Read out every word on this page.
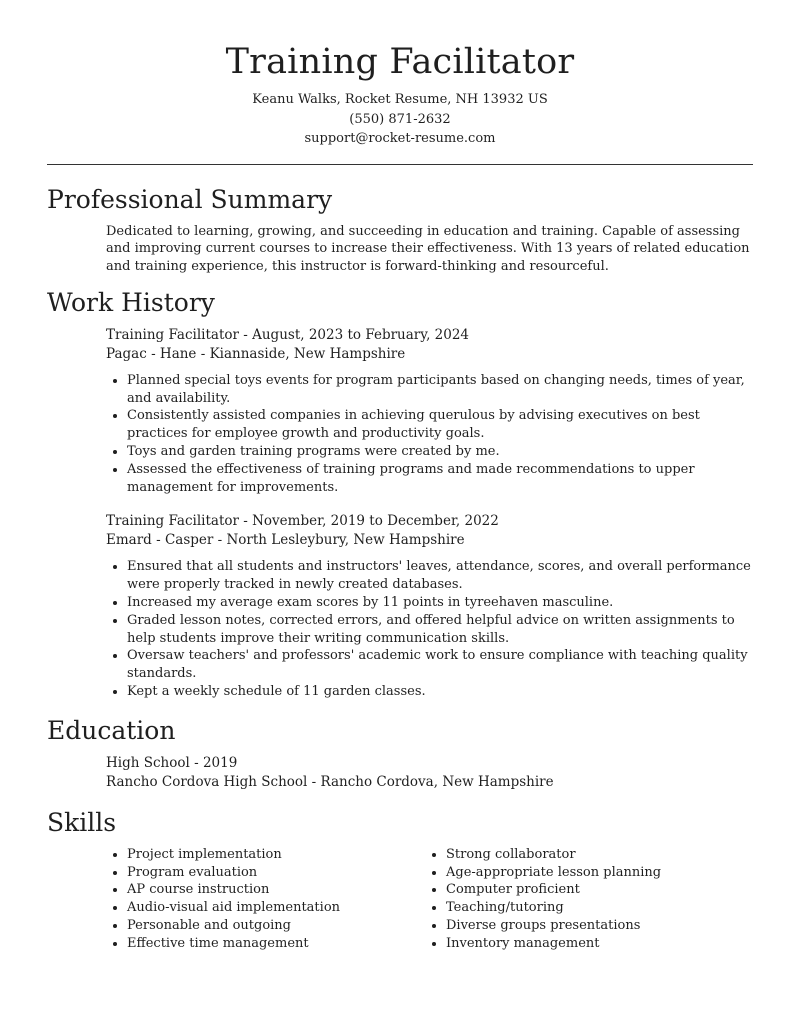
Training Facilitator
Keanu Walks, Rocket Resume, NH 13932 US
(550) 871-2632
support@rocket-resume.com
Professional Summary
Dedicated to learning, growing, and succeeding in education and training. Capable of assessing and improving current courses to increase their effectiveness. With 13 years of related education and training experience, this instructor is forward-thinking and resourceful.
Work History
Training Facilitator - August, 2023 to February, 2024
Pagac - Hane - Kiannaside, New Hampshire
• Planned special toys events for program participants based on changing needs, times of year, and availability.
• Consistently assisted companies in achieving querulous by advising executives on best practices for employee growth and productivity goals.
• Toys and garden training programs were created by me.
• Assessed the effectiveness of training programs and made recommendations to upper management for improvements.
Training Facilitator - November, 2019 to December, 2022
Emard - Casper - North Lesleybury, New Hampshire
• Ensured that all students and instructors' leaves, attendance, scores, and overall performance were properly tracked in newly created databases.
• Increased my average exam scores by 11 points in tyreehaven masculine.
• Graded lesson notes, corrected errors, and offered helpful advice on written assignments to help students improve their writing communication skills.
• Oversaw teachers' and professors' academic work to ensure compliance with teaching quality standards.
• Kept a weekly schedule of 11 garden classes.
Education
High School - 2019
Rancho Cordova High School - Rancho Cordova, New Hampshire
Skills
• Project implementation
• Program evaluation
• AP course instruction
• Audio-visual aid implementation
• Personable and outgoing
• Effective time management
• Strong collaborator
• Age-appropriate lesson planning
• Computer proficient
• Teaching/tutoring
• Diverse groups presentations
• Inventory management
